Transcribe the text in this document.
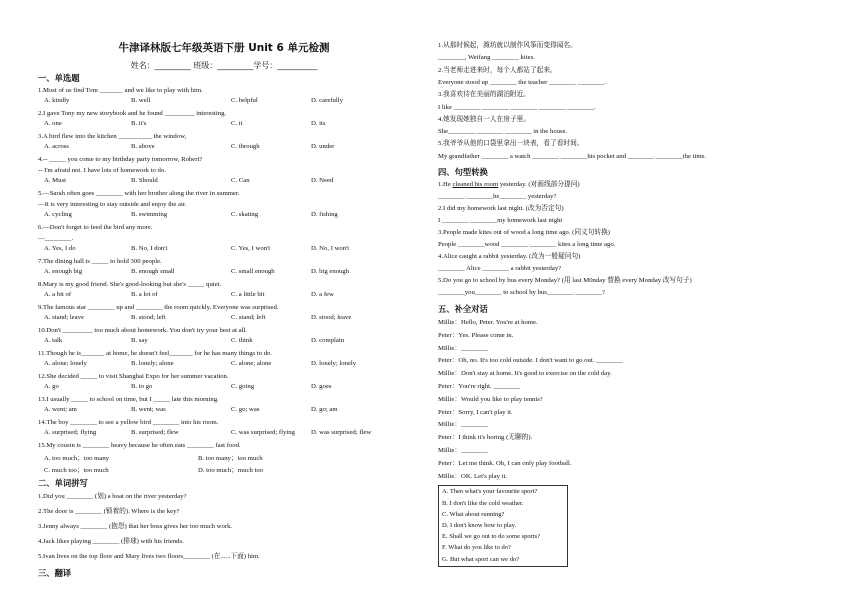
牛津译林版七年级英语下册 Unit 6 单元检测
姓名：_________ 班级：_________学号：__________
一、单选题
1.Most of us find Tom _______ and we like to play with him.
A. kindly	B. well	C. helpful	D. carefully
2.I gave Tony my new storybook and he found _________ interesting.
A. one	B. it's	C. it	D. its
3.A bird flew into the kitchen __________ the window,
A. across	B. above	C. through	D. under
4.-- _____ you come to my birthday party tomorrow, Robert?
-- I'm afraid not. I have lots of homework to do.
A. Must	B. Should	C. Can	D. Need
5.—Sarah often goes ________ with her brother along the river in summer.
—It is very interesting to stay outside and enjoy the air.
A. cycling	B. swimming	C. skating	D. fishing
6.—Don't forget to feed the bird any more.
—________.
A. Yes, I do	B. No, I don't	C. Yes, I won't	D. No, I won't
7.The dining hall is _____ to hold 300 people.
A. enough big	B. enough small	C. small enough	D. big enough
8.Mary is my good friend. She's good-looking but she's _____ quiet.
A. a bit of	B. a lot of	C. a little bit	D. a few
9.The famous star ________ up and ________ the room quickly. Everyone was surprised.
A. stand; leave	B. stood; left	C. stand; left	D. stood; leave
10.Don't _________ too much about homework. You don't try your best at all.
A. talk	B. say	C. think	D. complain
11.Though he is_______ at home, he doesn't feel_______ for he has many things to do.
A. alone; lonely	B. lonely; alone	C. alone; alone	D. lonely; lonely
12.She decided _____ to visit Shanghai Expo for her summer vacation.
A. go	B. to go	C. going	D. goes
13.I usually _____ to school on time, but I _____ late this morning.
A. went; am	B. went; was	C. go; was	D. go; am
14.The boy ________ to see a yellow bird ________ into his room.
A. surprised; flying	B. surprised; flew	C. was surprised; flying D. was surprised; flew
15.My cousin is ________ heavy because he often eats ________ fast food.
A. too much；too many	B. too many；too much
C. much too；too much	D. too much；much too
二、单词拼写
1.Did you ________ (划) a boat on the river yesterday?
2.The door is ________ (锁着的). Where is the key?
3.Jenny always ________ (抱怨) that her boss gives her too much work.
4.Jack likes playing ________ (排球) with his friends.
5.Ivan lives on the top floor and Mary lives two floors________ (在......下面) him.
三、翻译
1.从那时候起，潍坊就以制作风筝而变得闻名。
________, Weifang ________ kites.
2.当老师走进来时，每个人都站了起来。
Everyone stood up ________ the teacher ________ ________.
3.我喜欢待在美丽的湖泊附近。
I like ________ ________ ________ ________ ________.
4.她发现她独自一人在房子里。
She________ ________ ________ in the house.
5.我爷爷从他的口袋里拿出一块表，看了看时间。
My grandfather ________ a watch ________ ________his pocket and ________ ________the time.
四、句型转换
1.He cleaned his room yesterday. (对画线部分提问)
________ ________he________ yesterday?
2.I did my homework last night. (改为否定句)
I ________ ________my homework last night
3.People made kites out of wood a long time ago. (同义句转换)
People ________wood ________ ________ kites a long time ago.
4.Alice caught a rabbit yesterday. (改为一般疑问句)
________ Alice ________ a rabbit yesterday?
5.Do you go to school by bus every Monday? (用 last M0nday 替换 every Monday 改写句子)
________you________ to school by bus________ ________?
五、补全对话
Millie：Hello, Peter. You're at home.
Peter：Yes. Please come in.
Millie：________
Peter：Oh, no. It's too cold outside. I don't want to go out. ________
Millie：Don't stay at home. It's good to exercise on the cold day.
Peter：You're right. ________
Millie：Would you like to play tennis?
Peter：Sorry, I can't play it.
Millie：________
Peter：I think it's boring (无聊的).
Millie：________
Peter：Let me think. Oh, I can only play football.
Millie：OK. Let's play it.
A. Then what's your favourite sport?
B. I don't like the cold weather.
C. What about running?
D. I don't know how to play.
E. Shall we go out to do some sports?
F. What do you like to do?
G. But what sport can we do?
